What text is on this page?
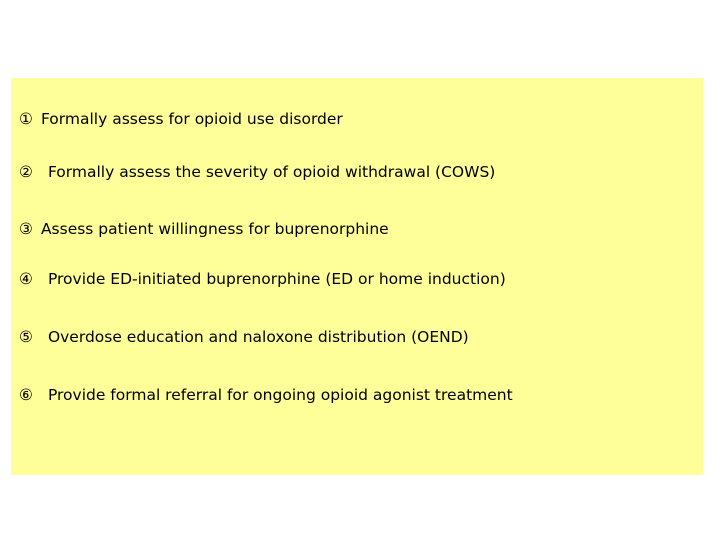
① Formally assess for opioid use disorder
② Formally assess the severity of opioid withdrawal (COWS)
③ Assess patient willingness for buprenorphine
④ Provide ED-initiated buprenorphine (ED or home induction)
⑤ Overdose education and naloxone distribution (OEND)
⑥ Provide formal referral for ongoing opioid agonist treatment
